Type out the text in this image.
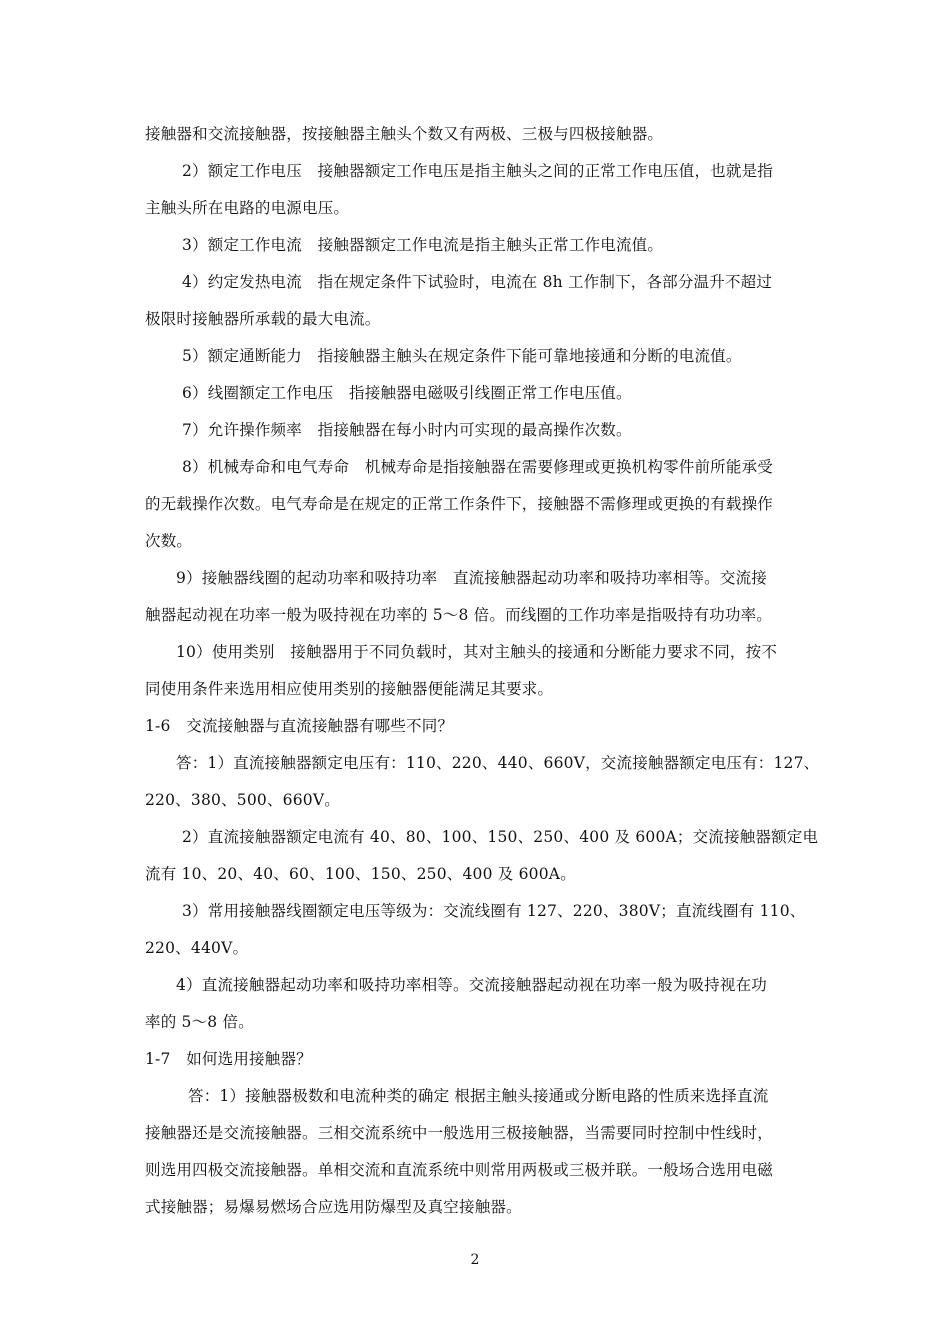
接触器和交流接触器，按接触器主触头个数又有两极、三极与四极接触器。
2）额定工作电压　接触器额定工作电压是指主触头之间的正常工作电压值，也就是指
主触头所在电路的电源电压。
3）额定工作电流　接触器额定工作电流是指主触头正常工作电流值。
4）约定发热电流　指在规定条件下试验时，电流在 8h 工作制下，各部分温升不超过
极限时接触器所承载的最大电流。
5）额定通断能力　指接触器主触头在规定条件下能可靠地接通和分断的电流值。
6）线圈额定工作电压　指接触器电磁吸引线圈正常工作电压值。
7）允许操作频率　指接触器在每小时内可实现的最高操作次数。
8）机械寿命和电气寿命　机械寿命是指接触器在需要修理或更换机构零件前所能承受
的无载操作次数。电气寿命是在规定的正常工作条件下，接触器不需修理或更换的有载操作
次数。
9）接触器线圈的起动功率和吸持功率　直流接触器起动功率和吸持功率相等。交流接
触器起动视在功率一般为吸持视在功率的 5～8 倍。而线圈的工作功率是指吸持有功功率。
10）使用类别　接触器用于不同负载时，其对主触头的接通和分断能力要求不同，按不
同使用条件来选用相应使用类别的接触器便能满足其要求。
1-6　交流接触器与直流接触器有哪些不同？
答：1）直流接触器额定电压有：110、220、440、660V，交流接触器额定电压有：127、
220、380、500、660V。
2）直流接触器额定电流有 40、80、100、150、250、400 及 600A；交流接触器额定电
流有 10、20、40、60、100、150、250、400 及 600A。
3）常用接触器线圈额定电压等级为：交流线圈有 127、220、380V；直流线圈有 110、
220、440V。
4）直流接触器起动功率和吸持功率相等。交流接触器起动视在功率一般为吸持视在功
率的 5～8 倍。
1-7　如何选用接触器？
答：1）接触器极数和电流种类的确定 根据主触头接通或分断电路的性质来选择直流
接触器还是交流接触器。三相交流系统中一般选用三极接触器，当需要同时控制中性线时，
则选用四极交流接触器。单相交流和直流系统中则常用两极或三极并联。一般场合选用电磁
式接触器；易爆易燃场合应选用防爆型及真空接触器。
2
